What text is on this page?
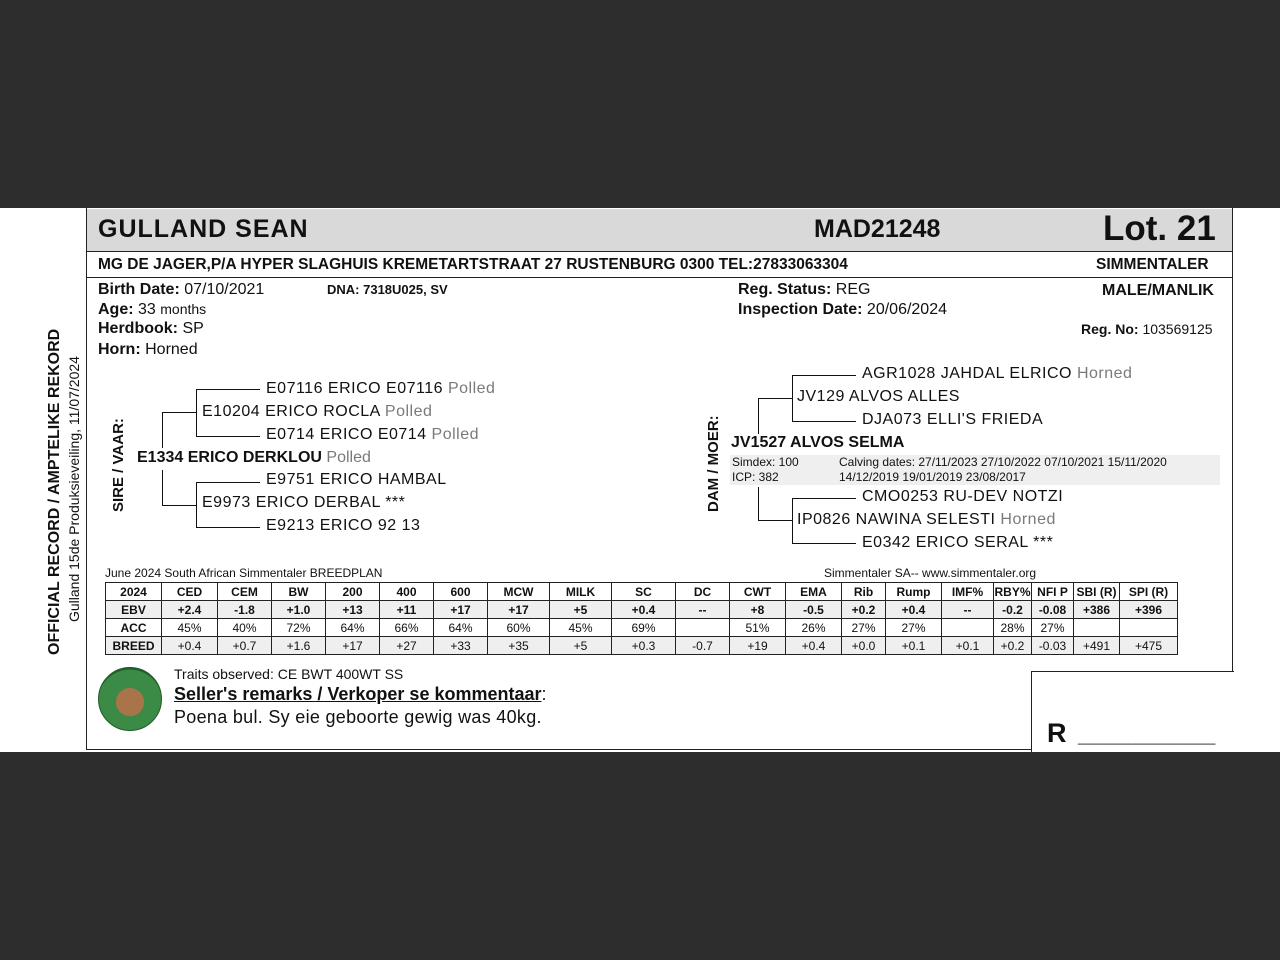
GULLAND SEAN	MAD21248	Lot. 21
MG DE JAGER,P/A HYPER SLAGHUIS KREMETARTSTRAAT 27 RUSTENBURG 0300 TEL:27833063304	SIMMENTALER
Birth Date: 07/10/2021	DNA: 7318U025, SV
Age: 33 months
Herdbook: SP
Horn: Horned
Reg. Status: REG
Inspection Date: 20/06/2024
MALE/MANLIK
Reg. No: 103569125
OFFICIAL RECORD / AMPTELIKE REKORD Gulland 15de Produksieveiling, 11/07/2024 SIRE / VAAR:	DAM / MOER:
E07116 ERICO E07116 Polled
E10204 ERICO ROCLA Polled
E0714 ERICO E0714 Polled
E1334 ERICO DERKLOU Polled
E9751 ERICO HAMBAL
E9973 ERICO DERBAL ***
E9213 ERICO 92 13
AGR1028 JAHDAL ELRICO Horned
JV129 ALVOS ALLES
DJA073 ELLI'S FRIEDA
JV1527 ALVOS SELMA
Simdex: 100
ICP: 382
Calving dates: 27/11/2023 27/10/2022 07/10/2021 15/11/2020
14/12/2019 19/01/2019 23/08/2017
CMO0253 RU-DEV NOTZI
IP0826 NAWINA SELESTI Horned
E0342 ERICO SERAL ***
June 2024 South African Simmentaler BREEDPLAN	Simmentaler SA-- www.simmentaler.org
2024	CED	CEM	BW	200	400	600	MCW	MILK	SC	DC	CWT	EMA	Rib	Rump	IMF%	RBY%	NFI P	SBI (R)	SPI (R)
EBV	+2.4	-1.8	+1.0	+13	+11	+17	+17	+5	+0.4	--	+8	-0.5	+0.2	+0.4	--	-0.2	-0.08	+386	+396
ACC	45%	40%	72%	64%	66%	64%	60%	45%	69%		51%	26%	27%	27%		28%	27%		
BREED	+0.4	+0.7	+1.6	+17	+27	+33	+35	+5	+0.3	-0.7	+19	+0.4	+0.0	+0.1	+0.1	+0.2	-0.03	+491	+475
Traits observed: CE BWT 400WT SS
Seller's remarks / Verkoper se kommentaar:
Poena bul. Sy eie geboorte gewig was 40kg.
R ___________________
